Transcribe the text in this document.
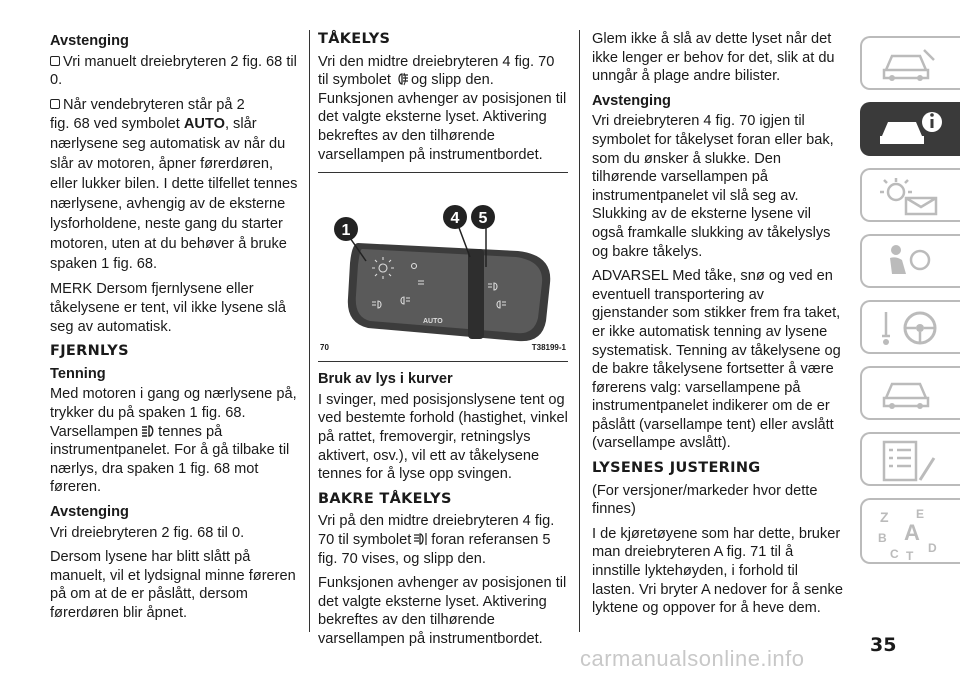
Avstenging

Vri manuelt dreiebryteren 2 fig. 68 til 0.

Når vendebryteren står på 2

fig. 68 ved symbolet AUTO, slår nærlysene seg automatisk av når du slår av motoren, åpner førerdøren, eller lukker bilen. I dette tilfellet tennes nærlysene, avhengig av de eksterne lysforholdene, neste gang du starter motoren, uten at du behøver å bruke spaken 1 fig. 68.

MERK Dersom fjernlysene eller tåkelysene er tent, vil ikke lysene slå seg av automatisk.

FJERNLYS
Tenning

Med motoren i gang og nærlysene på, trykker du på spaken 1 fig. 68. Varsellampen tennes på instrumentpanelet. For å gå tilbake til nærlys, dra spaken 1 fig. 68 mot føreren.

Avstenging

Vri dreiebryteren 2 fig. 68 til 0.

Dersom lysene har blitt slått på manuelt, vil et lydsignal minne føreren på om at de er påslått, dersom førerdøren blir åpnet.

TÅKELYS

Vri den midtre dreiebryteren 4 fig. 70 til symbolet og slipp den. Funksjonen avhenger av posisjonen til det valgte eksterne lyset. Aktivering bekreftes av den tilhørende varsellampen på instrumentbordet.

AUTO
1
4 5
70	T38199-1
Bruk av lys i kurver

I svinger, med posisjonslysene tent og ved bestemte forhold (hastighet, vinkel på rattet, fremovergir, retningslys aktivert, osv.), vil ett av tåkelysene tennes for å lyse opp svingen.

BAKRE TÅKELYS

Vri på den midtre dreiebryteren 4 fig. 70 til symbolet foran referansen 5 fig. 70 vises, og slipp den.

Funksjonen avhenger av posisjonen til det valgte eksterne lyset. Aktivering bekreftes av den tilhørende varsellampen på instrumentbordet.

Glem ikke å slå av dette lyset når det ikke lenger er behov for det, slik at du unngår å plage andre bilister.

Avstenging

Vri dreiebryteren 4 fig. 70 igjen til symbolet for tåkelyset foran eller bak, som du ønsker å slukke. Den tilhørende varsellampen på instrumentpanelet vil slå seg av. Slukking av de eksterne lysene vil også framkalle slukking av tåkelyslys og bakre tåkelys.

ADVARSEL Med tåke, snø og ved en eventuell transportering av gjenstander som stikker frem fra taket, er ikke automatisk tenning av lysene systematisk. Tenning av tåkelysene og de bakre tåkelysene fortsetter å være førerens valg: varsellampene på instrumentpanelet indikerer om de er påslått (varsellampe tent) eller avslått (varsellampe avslått).

LYSENES JUSTERING

(For versjoner/markeder hvor dette finnes)

I de kjøretøyene som har dette, bruker man dreiebryteren A fig. 71 til å innstille lyktehøyden, i forhold til lasten. Vri bryter A nedover for å senke lyktene og oppover for å heve dem.

Z E
B A
C T
D
35
carmanualsonline.info
